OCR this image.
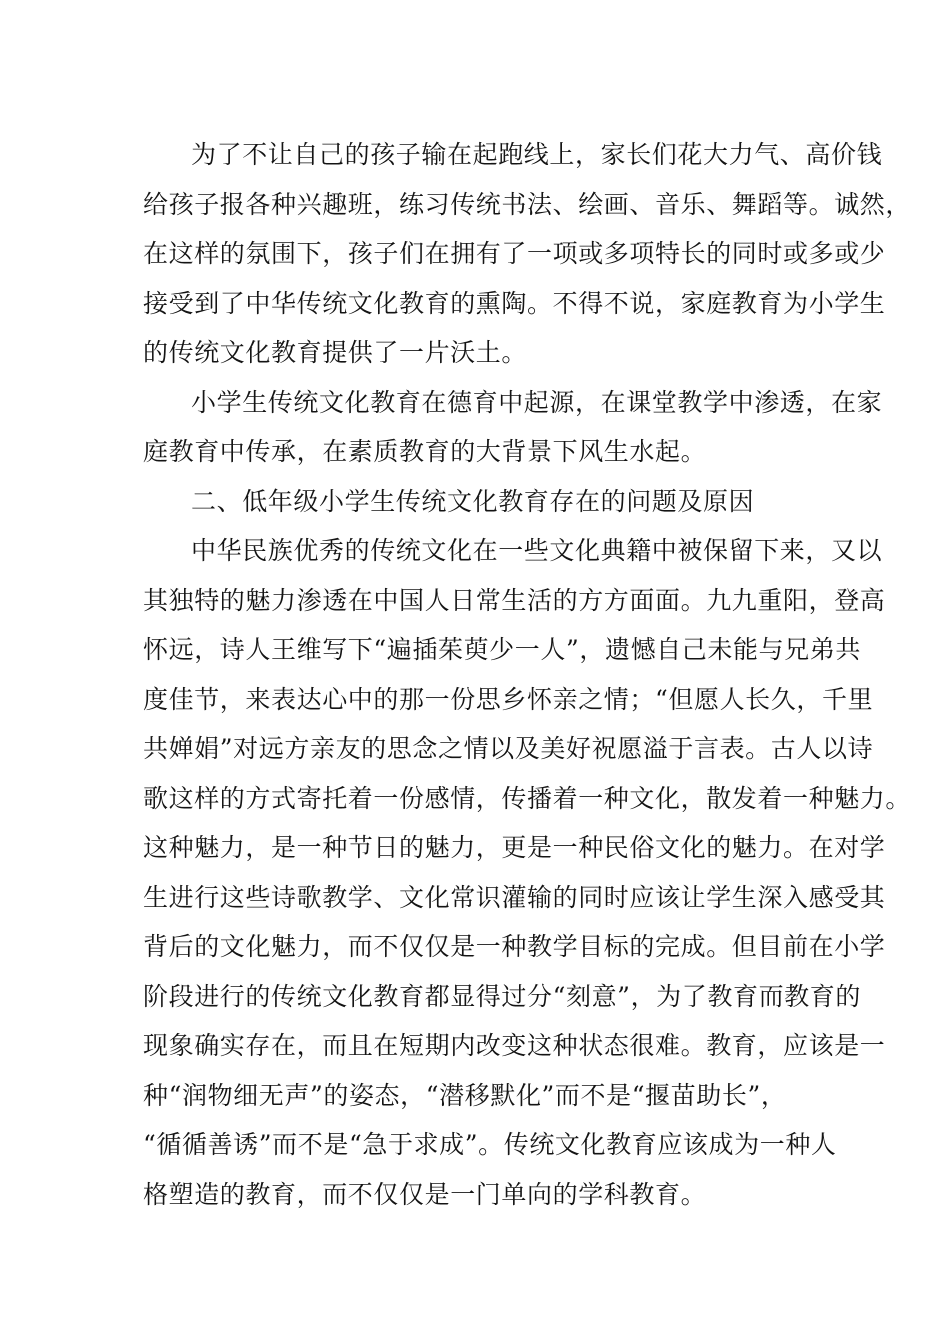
为了不让自己的孩子输在起跑线上，家长们花大力气、高价钱
给孩子报各种兴趣班，练习传统书法、绘画、音乐、舞蹈等。诚然，
在这样的氛围下，孩子们在拥有了一项或多项特长的同时或多或少
接受到了中华传统文化教育的熏陶。不得不说，家庭教育为小学生
的传统文化教育提供了一片沃土。
小学生传统文化教育在德育中起源，在课堂教学中渗透，在家
庭教育中传承，在素质教育的大背景下风生水起。
二、低年级小学生传统文化教育存在的问题及原因
中华民族优秀的传统文化在一些文化典籍中被保留下来，又以
其独特的魅力渗透在中国人日常生活的方方面面。九九重阳，登高
怀远，诗人王维写下“遍插茱萸少一人”，遗憾自己未能与兄弟共
度佳节，来表达心中的那一份思乡怀亲之情；“但愿人长久，千里
共婵娟”对远方亲友的思念之情以及美好祝愿溢于言表。古人以诗
歌这样的方式寄托着一份感情，传播着一种文化，散发着一种魅力。
这种魅力，是一种节日的魅力，更是一种民俗文化的魅力。在对学
生进行这些诗歌教学、文化常识灌输的同时应该让学生深入感受其
背后的文化魅力，而不仅仅是一种教学目标的完成。但目前在小学
阶段进行的传统文化教育都显得过分“刻意”，为了教育而教育的
现象确实存在，而且在短期内改变这种状态很难。教育，应该是一
种“润物细无声”的姿态，“潜移默化”而不是“揠苗助长”，
“循循善诱”而不是“急于求成”。传统文化教育应该成为一种人
格塑造的教育，而不仅仅是一门单向的学科教育。
